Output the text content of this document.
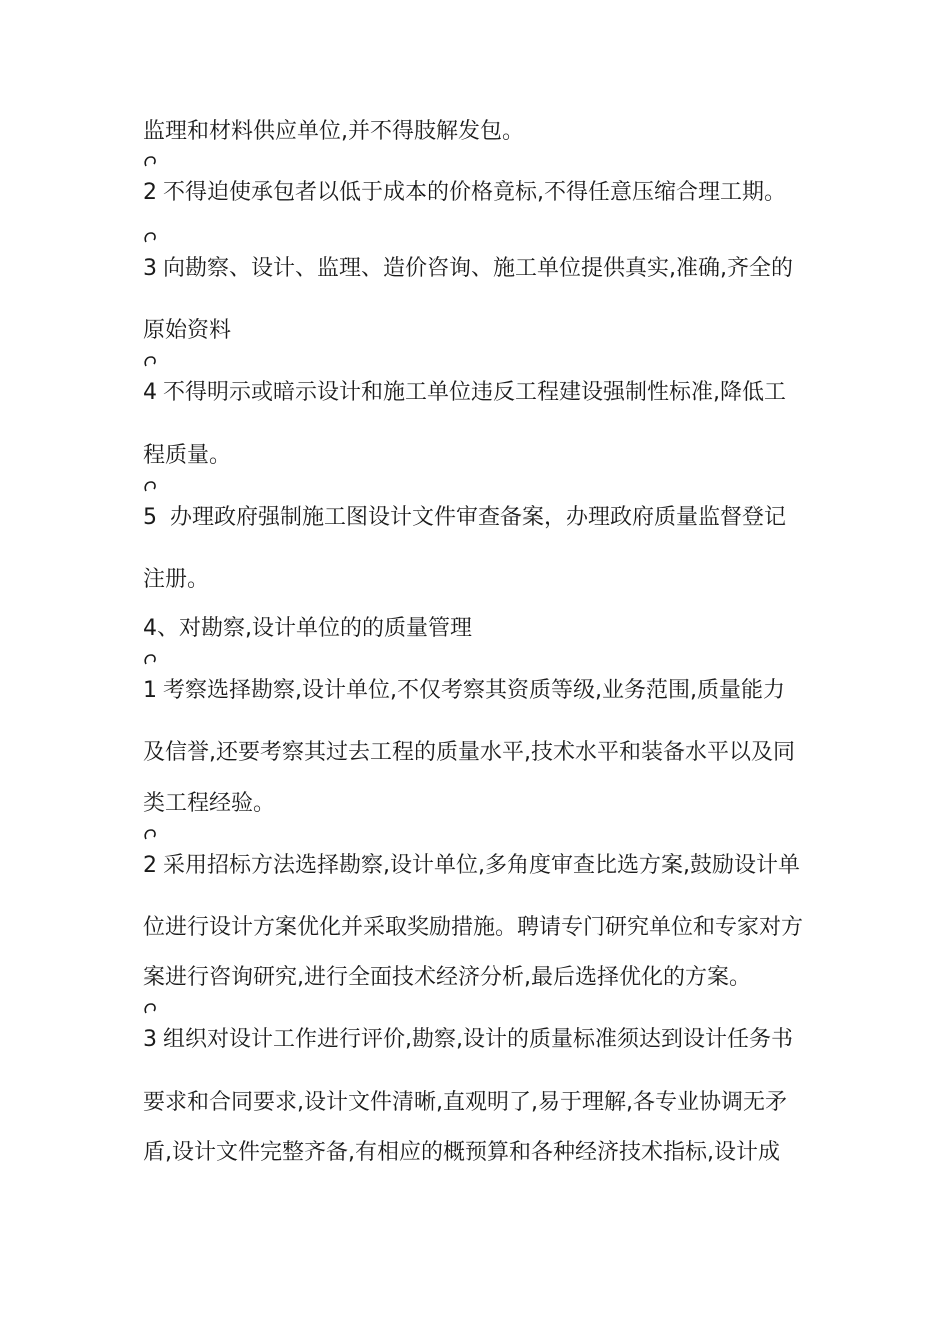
监理和材料供应单位,并不得肢解发包。
2 不得迫使承包者以低于成本的价格竟标,不得任意压缩合理工期。
3 向勘察、设计、监理、造价咨询、施工单位提供真实,准确,齐全的
原始资料
4 不得明示或暗示设计和施工单位违反工程建设强制性标准,降低工
程质量。
5 办理政府强制施工图设计文件审查备案，办理政府质量监督登记
注册。
4、对勘察,设计单位的的质量管理
1 考察选择勘察,设计单位,不仅考察其资质等级,业务范围,质量能力
及信誉,还要考察其过去工程的质量水平,技术水平和装备水平以及同
类工程经验。
2 采用招标方法选择勘察,设计单位,多角度审查比选方案,鼓励设计单
位进行设计方案优化并采取奖励措施。聘请专门研究单位和专家对方
案进行咨询研究,进行全面技术经济分析,最后选择优化的方案。
3 组织对设计工作进行评价,勘察,设计的质量标准须达到设计任务书
要求和合同要求,设计文件清晰,直观明了,易于理解,各专业协调无矛
盾,设计文件完整齐备,有相应的概预算和各种经济技术指标,设计成
